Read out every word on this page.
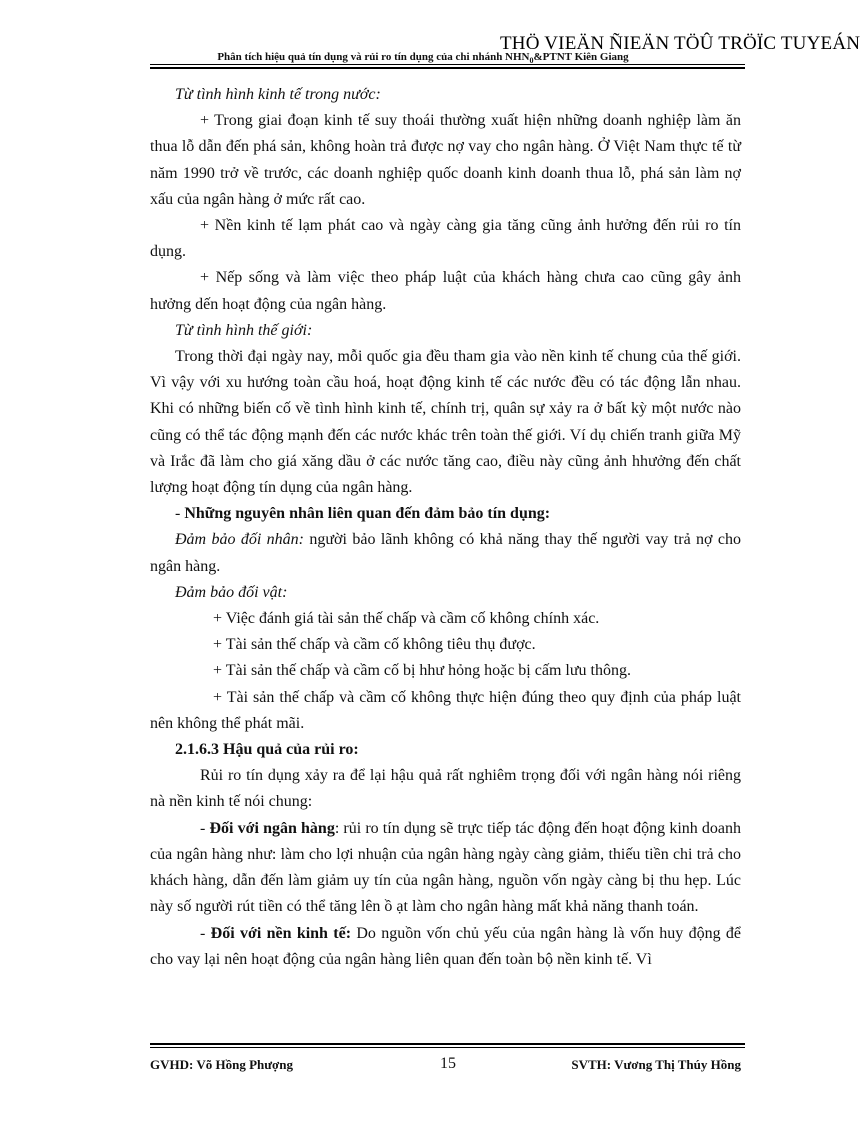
THÖ VIEÄN ÑIEÄN TÖÛ TRÖÏC TUYEÁN
Phân tích hiệu quả tín dụng và rủi ro tín dụng của chi nhánh $NHN_0\&PTNT$ Kiên Giang

Từ tình hình kinh tế trong nước:

+ Trong giai đoạn kinh tế suy thoái thường xuất hiện những doanh nghiệp làm ăn thua lỗ dẫn đến phá sản, không hoàn trả được nợ vay cho ngân hàng. Ở Việt Nam thực tế từ năm 1990 trở về trước, các doanh nghiệp quốc doanh kinh doanh thua lỗ, phá sản làm nợ xấu của ngân hàng ở mức rất cao.

+ Nền kinh tế lạm phát cao và ngày càng gia tăng cũng ảnh hưởng đến rủi ro tín dụng.

+ Nếp sống và làm việc theo pháp luật của khách hàng chưa cao cũng gây ảnh hưởng dến hoạt động của ngân hàng.

Từ tình hình thế giới:

Trong thời đại ngày nay, mỗi quốc gia đều tham gia vào nền kinh tế chung của thế giới. Vì vậy với xu hướng toàn cầu hoá, hoạt động kinh tế các nước đều có tác động lẫn nhau. Khi có những biến cố về tình hình kinh tế, chính trị, quân sự xảy ra ở bất kỳ một nước nào cũng có thể tác động mạnh đến các nước khác trên toàn thế giới. Ví dụ chiến tranh giữa Mỹ và Irắc đã làm cho giá xăng dầu ở các nước tăng cao, điều này cũng ảnh hhưởng đến chất lượng hoạt động tín dụng của ngân hàng.

- Những nguyên nhân liên quan đến đảm bảo tín dụng:

Đảm bảo đối nhân: người bảo lãnh không có khả năng thay thế người vay trả nợ cho ngân hàng.

Đảm bảo đối vật:

+ Việc đánh giá tài sản thế chấp và cầm cố không chính xác.

+ Tài sản thế chấp và cầm cố không tiêu thụ được.

+ Tài sản thế chấp và cầm cố bị hhư hỏng hoặc bị cấm lưu thông.

+ Tài sản thế chấp và cầm cố không thực hiện đúng theo quy định của pháp luật nên không thể phát mãi.

2.1.6.3 Hậu quả của rủi ro:

Rủi ro tín dụng xảy ra để lại hậu quả rất nghiêm trọng đối với ngân hàng nói riêng nà nền kinh tế nói chung:

- Đối với ngân hàng: rủi ro tín dụng sẽ trực tiếp tác động đến hoạt động kinh doanh của ngân hàng như: làm cho lợi nhuận của ngân hàng ngày càng giảm, thiếu tiền chi trả cho khách hàng, dẫn đến làm giảm uy tín của ngân hàng, nguồn vốn ngày càng bị thu hẹp. Lúc này số người rút tiền có thể tăng lên ồ ạt làm cho ngân hàng mất khả năng thanh toán.

- Đối với nền kinh tế: Do nguồn vốn chủ yếu của ngân hàng là vốn huy động để cho vay lại nên hoạt động của ngân hàng liên quan đến toàn bộ nền kinh tế. Vì

GVHD: Võ Hồng Phượng	15	SVTH: Vương Thị Thúy Hồng
